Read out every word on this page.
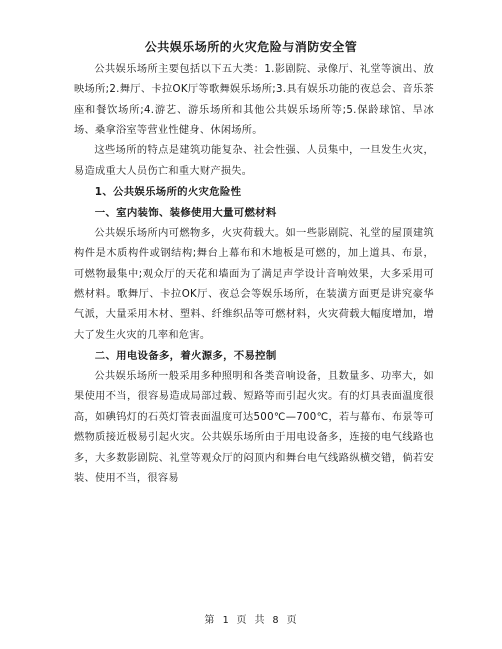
公共娱乐场所的火灾危险与消防安全管

公共娱乐场所主要包括以下五大类：1.影剧院、录像厅、礼堂等演出、放映场所;2.舞厅、卡拉OK厅等歌舞娱乐场所;3.具有娱乐功能的夜总会、音乐茶座和餐饮场所;4.游艺、游乐场所和其他公共娱乐场所等;5.保龄球馆、旱冰场、桑拿浴室等营业性健身、休闲场所。

这些场所的特点是建筑功能复杂、社会性强、人员集中，一旦发生火灾，易造成重大人员伤亡和重大财产损失。

1、公共娱乐场所的火灾危险性
一、室内装饰、装修使用大量可燃材料

公共娱乐场所内可燃物多，火灾荷载大。如一些影剧院、礼堂的屋顶建筑构件是木质构件或钢结构;舞台上幕布和木地板是可燃的，加上道具、布景，可燃物最集中;观众厅的天花和墙面为了满足声学设计音响效果，大多采用可燃材料。歌舞厅、卡拉OK厅、夜总会等娱乐场所，在装潢方面更是讲究豪华气派，大量采用木材、塑料、纤维织品等可燃材料，火灾荷载大幅度增加，增大了发生火灾的几率和危害。

二、用电设备多，着火源多，不易控制

公共娱乐场所一般采用多种照明和各类音响设备，且数量多、功率大，如果使用不当，很容易造成局部过载、短路等而引起火灾。有的灯具表面温度很高，如碘钨灯的石英灯管表面温度可达500℃—700℃，若与幕布、布景等可燃物质接近极易引起火灾。公共娱乐场所由于用电设备多，连接的电气线路也多，大多数影剧院、礼堂等观众厅的闷顶内和舞台电气线路纵横交错，倘若安装、使用不当，很容易

第 1 页 共 8 页
